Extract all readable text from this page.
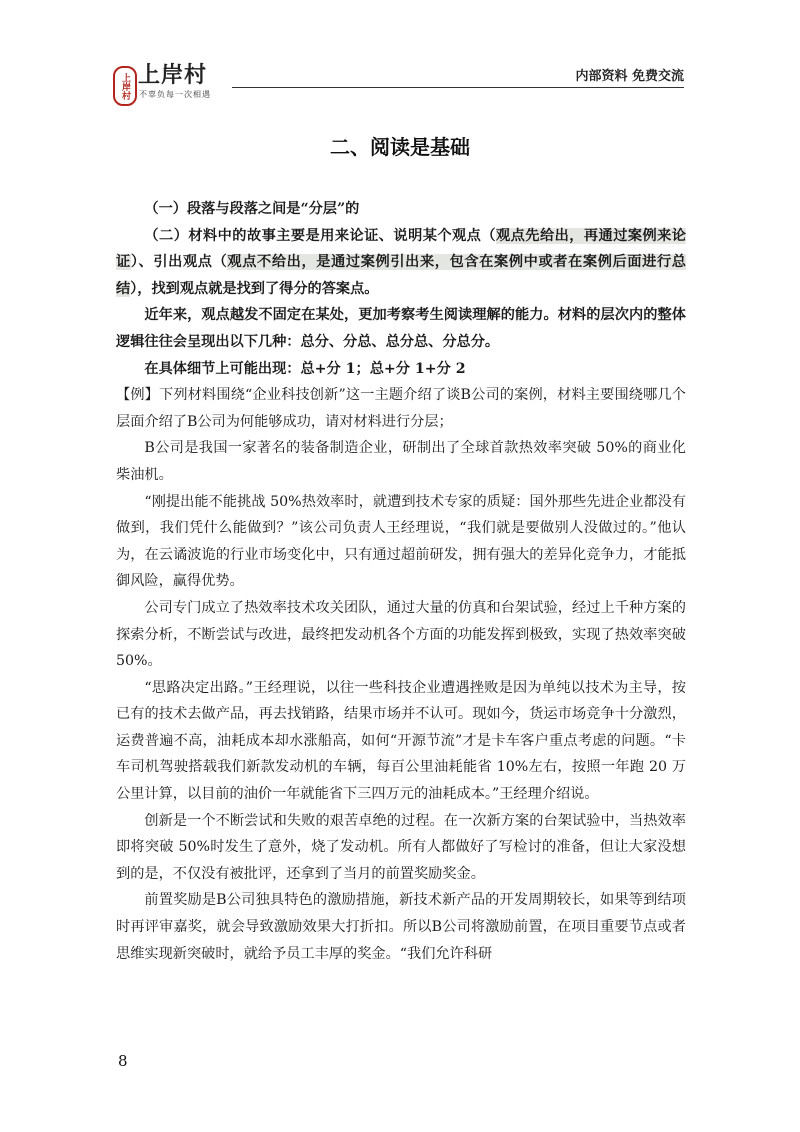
上岸村 上岸村
不辜负每一次相遇
内部资料 免费交流
二、阅读是基础

（一）段落与段落之间是“分层”的

（二）材料中的故事主要是用来论证、说明某个观点（观点先给出，再通过案例来论证）、引出观点（观点不给出，是通过案例引出来，包含在案例中或者在案例后面进行总结），找到观点就是找到了得分的答案点。

近年来，观点越发不固定在某处，更加考察考生阅读理解的能力。材料的层次内的整体逻辑往往会呈现出以下几种：总分、分总、总分总、分总分。

在具体细节上可能出现：总+分 1；总+分 1+分 2

【例】下列材料围绕“企业科技创新”这一主题介绍了谈B公司的案例，材料主要围绕哪几个层面介绍了B公司为何能够成功，请对材料进行分层；

B公司是我国一家著名的装备制造企业，研制出了全球首款热效率突破 50%的商业化柴油机。

“刚提出能不能挑战 50%热效率时，就遭到技术专家的质疑：国外那些先进企业都没有做到，我们凭什么能做到？”该公司负责人王经理说，“我们就是要做别人没做过的。”他认为，在云谲波诡的行业市场变化中，只有通过超前研发，拥有强大的差异化竞争力，才能抵御风险，赢得优势。

公司专门成立了热效率技术攻关团队，通过大量的仿真和台架试验，经过上千种方案的探索分析，不断尝试与改进，最终把发动机各个方面的功能发挥到极致，实现了热效率突破 50%。

“思路决定出路。”王经理说，以往一些科技企业遭遇挫败是因为单纯以技术为主导，按已有的技术去做产品，再去找销路，结果市场并不认可。现如今，货运市场竞争十分激烈，运费普遍不高，油耗成本却水涨船高，如何“开源节流”才是卡车客户重点考虑的问题。“卡车司机驾驶搭载我们新款发动机的车辆，每百公里油耗能省 10%左右，按照一年跑 20 万公里计算，以目前的油价一年就能省下三四万元的油耗成本。”王经理介绍说。

创新是一个不断尝试和失败的艰苦卓绝的过程。在一次新方案的台架试验中，当热效率即将突破 50%时发生了意外，烧了发动机。所有人都做好了写检讨的准备，但让大家没想到的是，不仅没有被批评，还拿到了当月的前置奖励奖金。

前置奖励是B公司独具特色的激励措施，新技术新产品的开发周期较长，如果等到结项时再评审嘉奖，就会导致激励效果大打折扣。所以B公司将激励前置，在项目重要节点或者思维实现新突破时，就给予员工丰厚的奖金。“我们允许科研

8
